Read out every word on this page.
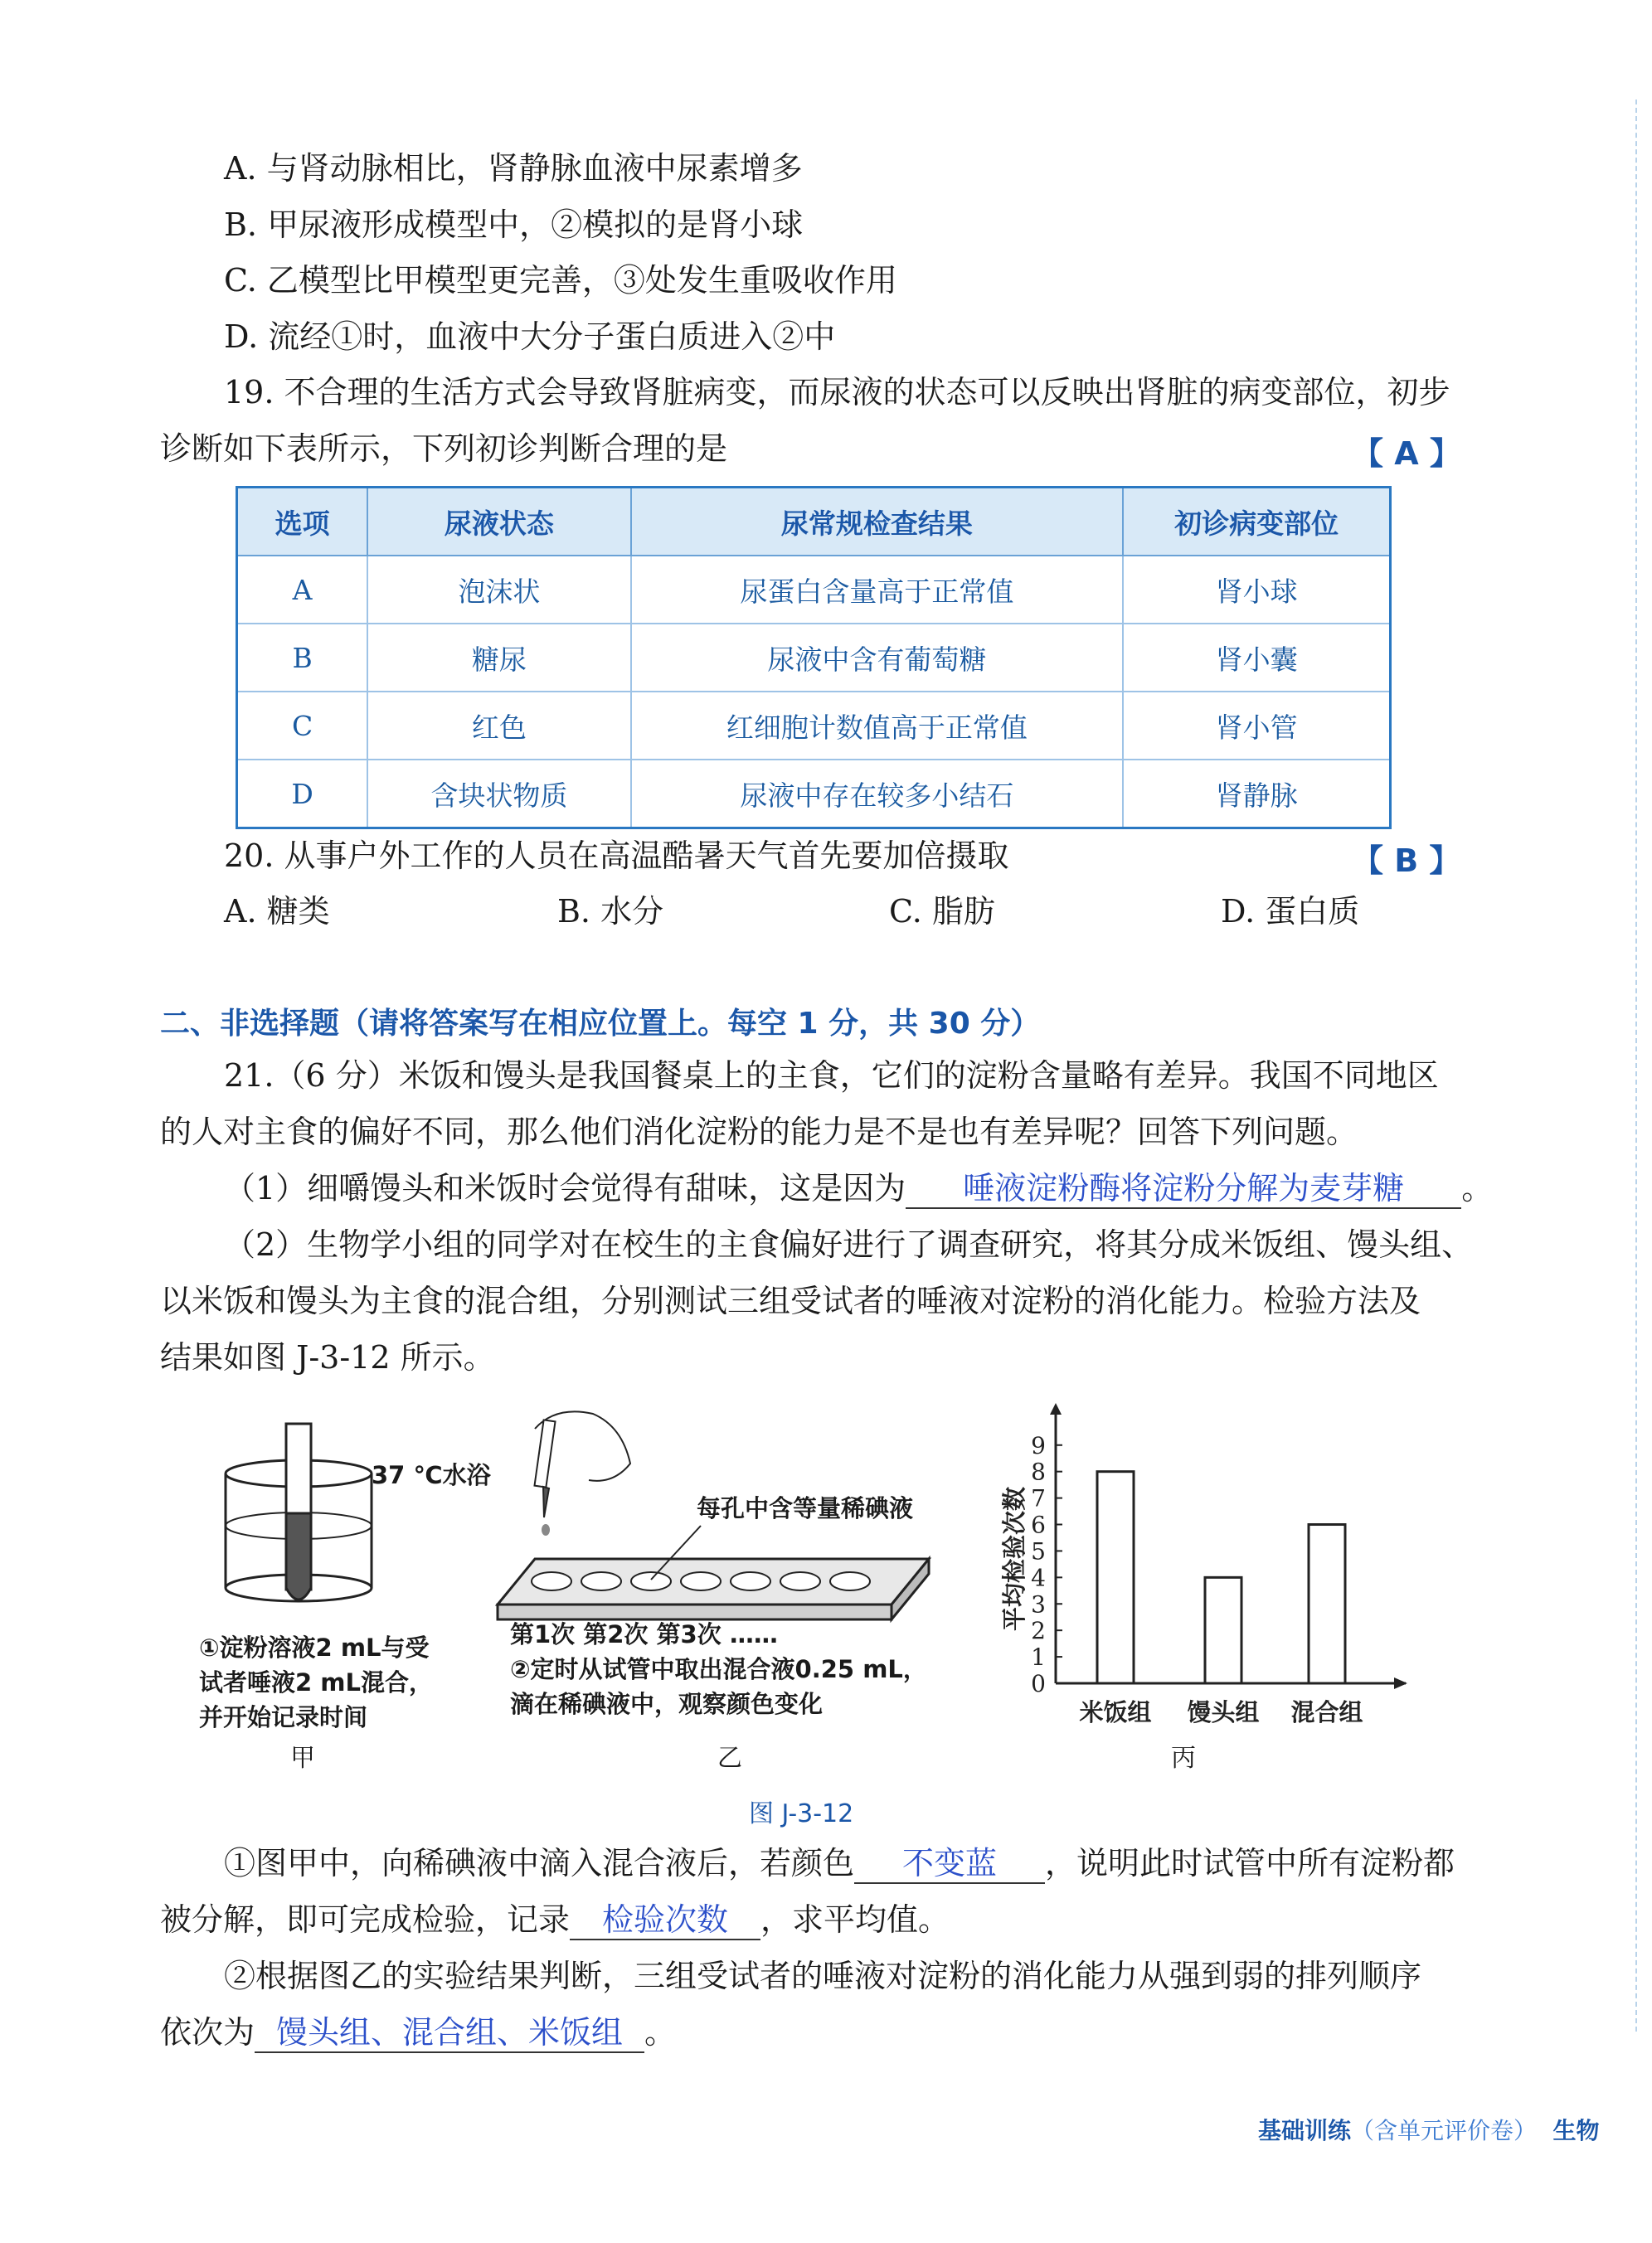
A. 与肾动脉相比，肾静脉血液中尿素增多
B. 甲尿液形成模型中，②模拟的是肾小球
C. 乙模型比甲模型更完善，③处发生重吸收作用
D. 流经①时，血液中大分子蛋白质进入②中
19. 不合理的生活方式会导致肾脏病变，而尿液的状态可以反映出肾脏的病变部位，初步
诊断如下表所示，下列初诊判断合理的是	【 A 】
选项	尿液状态	尿常规检查结果	初诊病变部位
A	泡沫状	尿蛋白含量高于正常值	肾小球
B	糖尿	尿液中含有葡萄糖	肾小囊
C	红色	红细胞计数值高于正常值	肾小管
D	含块状物质	尿液中存在较多小结石	肾静脉
20. 从事户外工作的人员在高温酷暑天气首先要加倍摄取	【 B 】
A. 糖类	B. 水分	C. 脂肪	D. 蛋白质
二、非选择题（请将答案写在相应位置上。每空 1 分，共 30 分）
21.（6 分）米饭和馒头是我国餐桌上的主食，它们的淀粉含量略有差异。我国不同地区
的人对主食的偏好不同，那么他们消化淀粉的能力是不是也有差异呢？回答下列问题。
（1）细嚼馒头和米饭时会觉得有甜味，这是因为 唾液淀粉酶将淀粉分解为麦芽糖 。
（2）生物学小组的同学对在校生的主食偏好进行了调查研究，将其分成米饭组、馒头组、
以米饭和馒头为主食的混合组，分别测试三组受试者的唾液对淀粉的消化能力。检验方法及
结果如图 J-3-12 所示。
37 ℃水浴
①淀粉溶液2 mL与受
试者唾液2 mL混合，
并开始记录时间
甲
每孔中含等量稀碘液
第1次 第2次 第3次 ……
②定时从试管中取出混合液0.25 mL，
滴在稀碘液中，观察颜色变化
乙
0
1
2
3
4
5
6
7
8
9
平均检验次数
米饭组 馒头组 混合组
丙
图 J-3-12
①图甲中，向稀碘液中滴入混合液后，若颜色 不变蓝 ，说明此时试管中所有淀粉都
被分解，即可完成检验，记录 检验次数 ，求平均值。
②根据图乙的实验结果判断，三组受试者的唾液对淀粉的消化能力从强到弱的排列顺序
依次为 馒头组、混合组、米饭组 。
基础训练（含单元评价卷） 生物
